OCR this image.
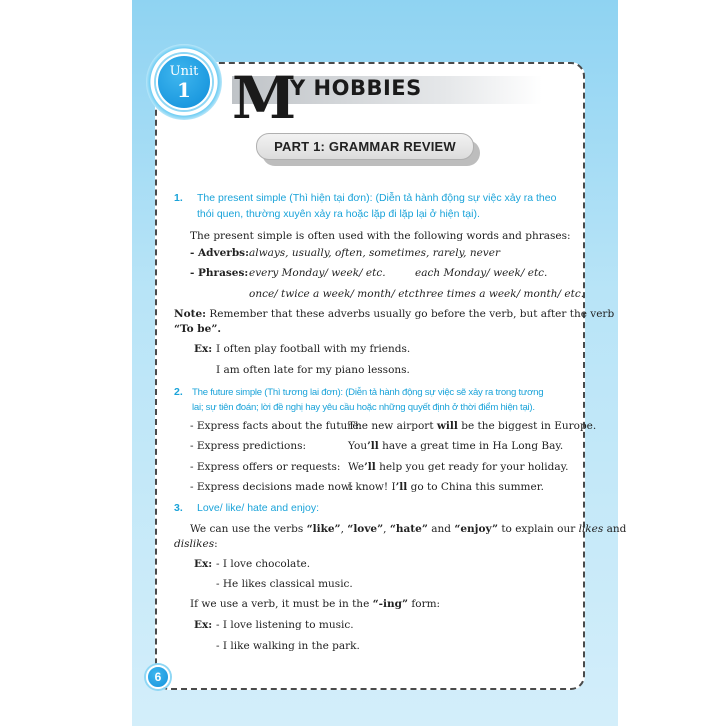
Unit
1 M
Y HOBBIES
PART 1: GRAMMAR REVIEW
1. The present simple (Thì hiện tại đơn): (Diễn tả hành động sự việc xảy ra theo
thói quen, thường xuyên xảy ra hoặc lặp đi lặp lại ở hiện tại).
The present simple is often used with the following words and phrases:
- Adverbs: always, usually, often, sometimes, rarely, never
- Phrases: every Monday/ week/ etc.	each Monday/ week/ etc.
once/ twice a week/ month/ etc.
three times a week/ month/ etc.
Note: Remember that these adverbs usually go before the verb, but after the verb
“To be”.
Ex: I often play football with my friends.
I am often late for my piano lessons.
2. The future simple (Thì tương lai đơn): (Diễn tả hành động sự việc sẽ xảy ra trong tương
lai; sự tiên đoán; lời đề nghị hay yêu cầu hoặc những quyết định ở thời điểm hiện tại).
- Express facts about the future:
The new airport will be the biggest in Europe.
- Express predictions:	You’ll have a great time in Ha Long Bay.
- Express offers or requests: We’ll help you get ready for your holiday.
- Express decisions made now:
I know! I’ll go to China this summer.
3. Love/ like/ hate and enjoy:
We can use the verbs “like”, “love”, “hate” and “enjoy” to explain our likes and
dislikes:
Ex: - I love chocolate.
- He likes classical music.
If we use a verb, it must be in the “-ing” form:
Ex: - I love listening to music.
- I like walking in the park.
6
